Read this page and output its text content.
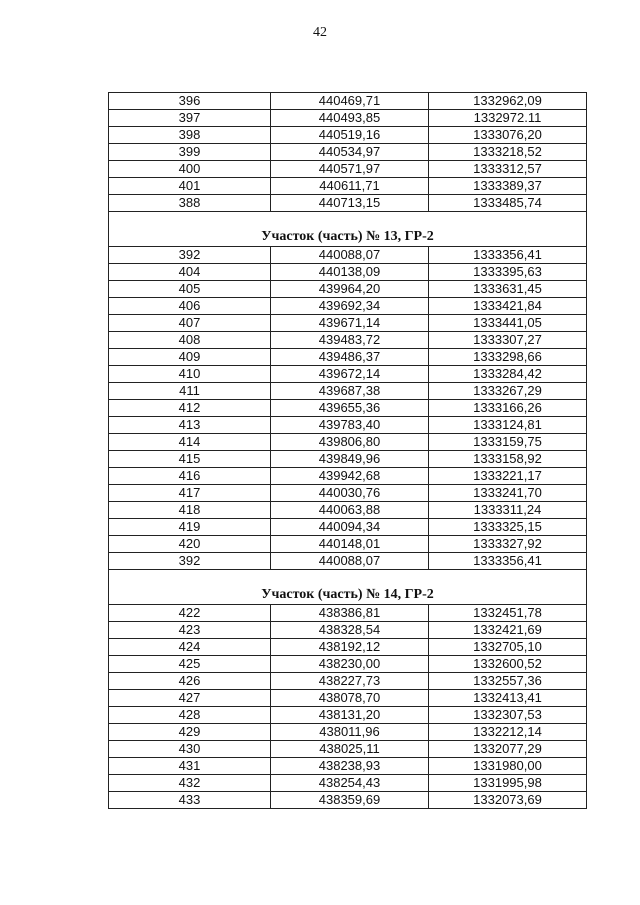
42
396	440469,71	1332962,09
397	440493,85	1332972.11
398	440519,16	1333076,20
399	440534,97	1333218,52
400	440571,97	1333312,57
401	440611,71	1333389,37
388	440713,15	1333485,74
Участок (часть) № 13, ГР-2		
392	440088,07	1333356,41
404	440138,09	1333395,63
405	439964,20	1333631,45
406	439692,34	1333421,84
407	439671,14	1333441,05
408	439483,72	1333307,27
409	439486,37	1333298,66
410	439672,14	1333284,42
411	439687,38	1333267,29
412	439655,36	1333166,26
413	439783,40	1333124,81
414	439806,80	1333159,75
415	439849,96	1333158,92
416	439942,68	1333221,17
417	440030,76	1333241,70
418	440063,88	1333311,24
419	440094,34	1333325,15
420	440148,01	1333327,92
392	440088,07	1333356,41
Участок (часть) № 14, ГР-2		
422	438386,81	1332451,78
423	438328,54	1332421,69
424	438192,12	1332705,10
425	438230,00	1332600,52
426	438227,73	1332557,36
427	438078,70	1332413,41
428	438131,20	1332307,53
429	438011,96	1332212,14
430	438025,11	1332077,29
431	438238,93	1331980,00
432	438254,43	1331995,98
433	438359,69	1332073,69
